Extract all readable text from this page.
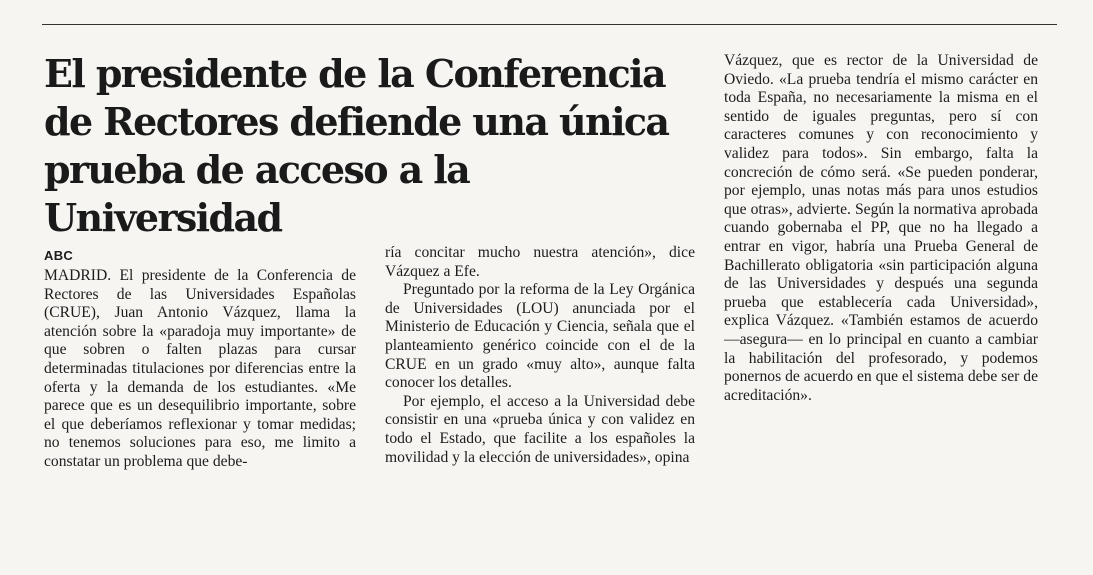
El presidente de la Conferencia de Rectores defiende una única prueba de acceso a la Universidad
ABC

MADRID. El presidente de la Conferencia de Rectores de las Universidades Españolas (CRUE), Juan Antonio Vázquez, llama la atención sobre la «paradoja muy importante» de que sobren o falten plazas para cursar determinadas titulaciones por diferencias entre la oferta y la demanda de los estudiantes. «Me parece que es un desequilibrio importante, sobre el que deberíamos reflexionar y tomar medidas; no tenemos soluciones para eso, me limito a constatar un problema que debe-

ría concitar mucho nuestra atención», dice Vázquez a Efe.

Preguntado por la reforma de la Ley Orgánica de Universidades (LOU) anunciada por el Ministerio de Educación y Ciencia, señala que el planteamiento genérico coincide con el de la CRUE en un grado «muy alto», aunque falta conocer los detalles.

Por ejemplo, el acceso a la Universidad debe consistir en una «prueba única y con validez en todo el Estado, que facilite a los españoles la movilidad y la elección de universidades», opina

Vázquez, que es rector de la Universidad de Oviedo. «La prueba tendría el mismo carácter en toda España, no necesariamente la misma en el sentido de iguales preguntas, pero sí con caracteres comunes y con reconocimiento y validez para todos». Sin embargo, falta la concreción de cómo será. «Se pueden ponderar, por ejemplo, unas notas más para unos estudios que otras», advierte. Según la normativa aprobada cuando gobernaba el PP, que no ha llegado a entrar en vigor, habría una Prueba General de Bachillerato obligatoria «sin participación alguna de las Universidades y después una segunda prueba que establecería cada Universidad», explica Vázquez. «También estamos de acuerdo —asegura— en lo principal en cuanto a cambiar la habilitación del profesorado, y podemos ponernos de acuerdo en que el sistema debe ser de acreditación».
